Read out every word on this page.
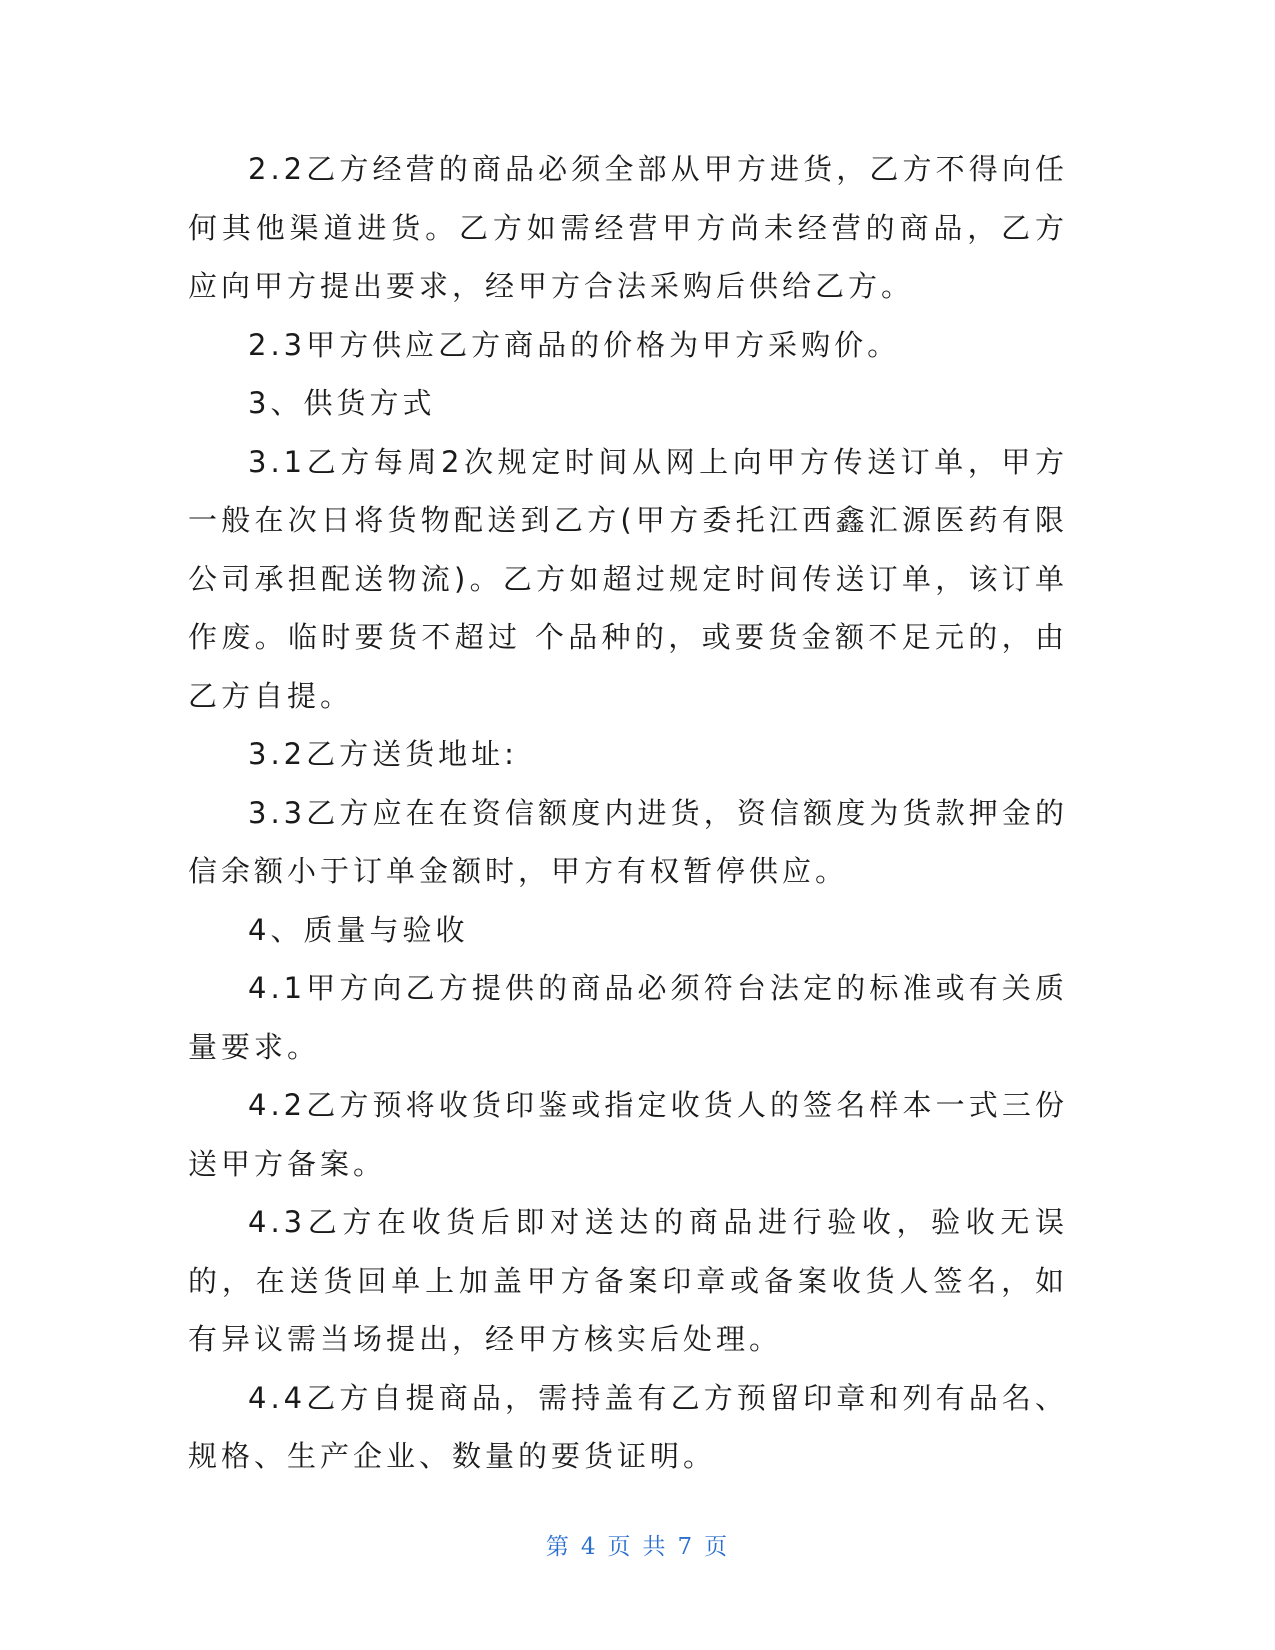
2.2乙方经营的商品必须全部从甲方进货，乙方不得向任何其他渠道进货。乙方如需经营甲方尚未经营的商品，乙方应向甲方提出要求，经甲方合法采购后供给乙方。

2.3甲方供应乙方商品的价格为甲方采购价。

3、供货方式

3.1乙方每周2次规定时间从网上向甲方传送订单，甲方一般在次日将货物配送到乙方(甲方委托江西鑫汇源医药有限公司承担配送物流)。乙方如超过规定时间传送订单，该订单作废。临时要货不超过 个品种的，或要货金额不足元的，由乙方自提。

3.2乙方送货地址:

3.3乙方应在在资信额度内进货，资信额度为货款押金的信余额小于订单金额时，甲方有权暂停供应。

4、质量与验收

4.1甲方向乙方提供的商品必须符台法定的标准或有关质量要求。

4.2乙方预将收货印鉴或指定收货人的签名样本一式三份送甲方备案。

4.3乙方在收货后即对送达的商品进行验收，验收无误的，在送货回单上加盖甲方备案印章或备案收货人签名，如有异议需当场提出，经甲方核实后处理。

4.4乙方自提商品，需持盖有乙方预留印章和列有品名、规格、生产企业、数量的要货证明。

第 4 页 共 7 页
